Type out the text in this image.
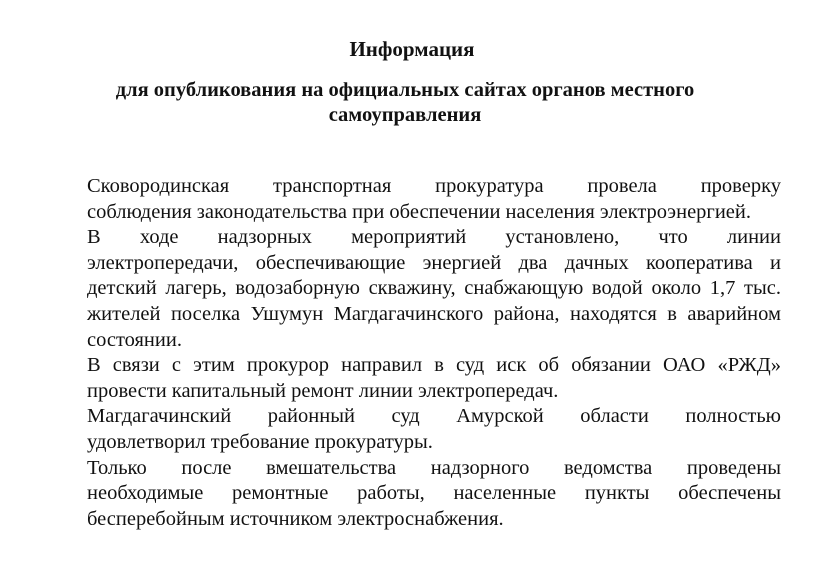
Информация
для опубликования на официальных сайтах органов местного
самоуправления

Сковородинская транспортная прокуратура провела проверку
соблюдения законодательства при обеспечении населения электроэнергией.

В ходе надзорных мероприятий установлено, что линии
электропередачи, обеспечивающие энергией два дачных кооператива и
детский лагерь, водозаборную скважину, снабжающую водой около 1,7 тыс.
жителей поселка Ушумун Магдагачинского района, находятся в аварийном
состоянии.

В связи с этим прокурор направил в суд иск об обязании ОАО «РЖД»
провести капитальный ремонт линии электропередач.

Магдагачинский районный суд Амурской области полностью
удовлетворил требование прокуратуры.

Только после вмешательства надзорного ведомства проведены
необходимые ремонтные работы, населенные пункты обеспечены
бесперебойным источником электроснабжения.
